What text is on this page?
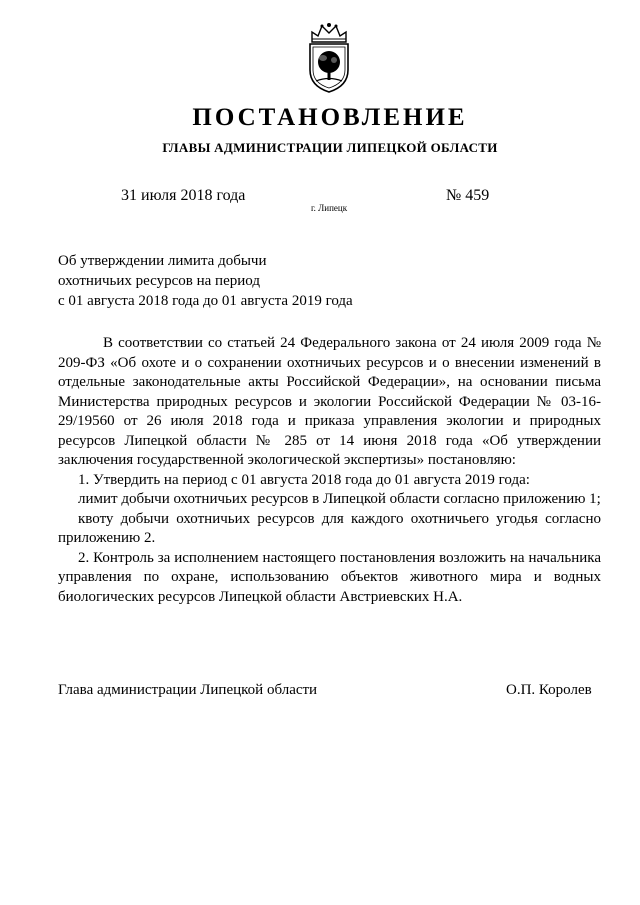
ПОСТАНОВЛЕНИЕ
ГЛАВЫ АДМИНИСТРАЦИИ ЛИПЕЦКОЙ ОБЛАСТИ
31 июля 2018 года
г. Липецк
№ 459
Об утверждении лимита добычи
охотничьих ресурсов на период
с 01 августа 2018 года до 01 августа 2019 года

В соответствии со статьей 24 Федерального закона от 24 июля 2009 года № 209-ФЗ «Об охоте и о сохранении охотничьих ресурсов и о внесении изменений в отдельные законодательные акты Российской Федерации», на основании письма Министерства природных ресурсов и экологии Российской Федерации № 03-16-29/19560 от 26 июля 2018 года и приказа управления экологии и природных ресурсов Липецкой области № 285 от 14 июня 2018 года «Об утверждении заключения государственной экологической экспертизы» постановляю:

1. Утвердить на период с 01 августа 2018 года до 01 августа 2019 года:

лимит добычи охотничьих ресурсов в Липецкой области согласно приложению 1;

квоту добычи охотничьих ресурсов для каждого охотничьего угодья согласно приложению 2.

2. Контроль за исполнением настоящего постановления возложить на начальника управления по охране, использованию объектов животного мира и водных биологических ресурсов Липецкой области Австриевских Н.А.

Глава администрации Липецкой области	О.П. Королев
